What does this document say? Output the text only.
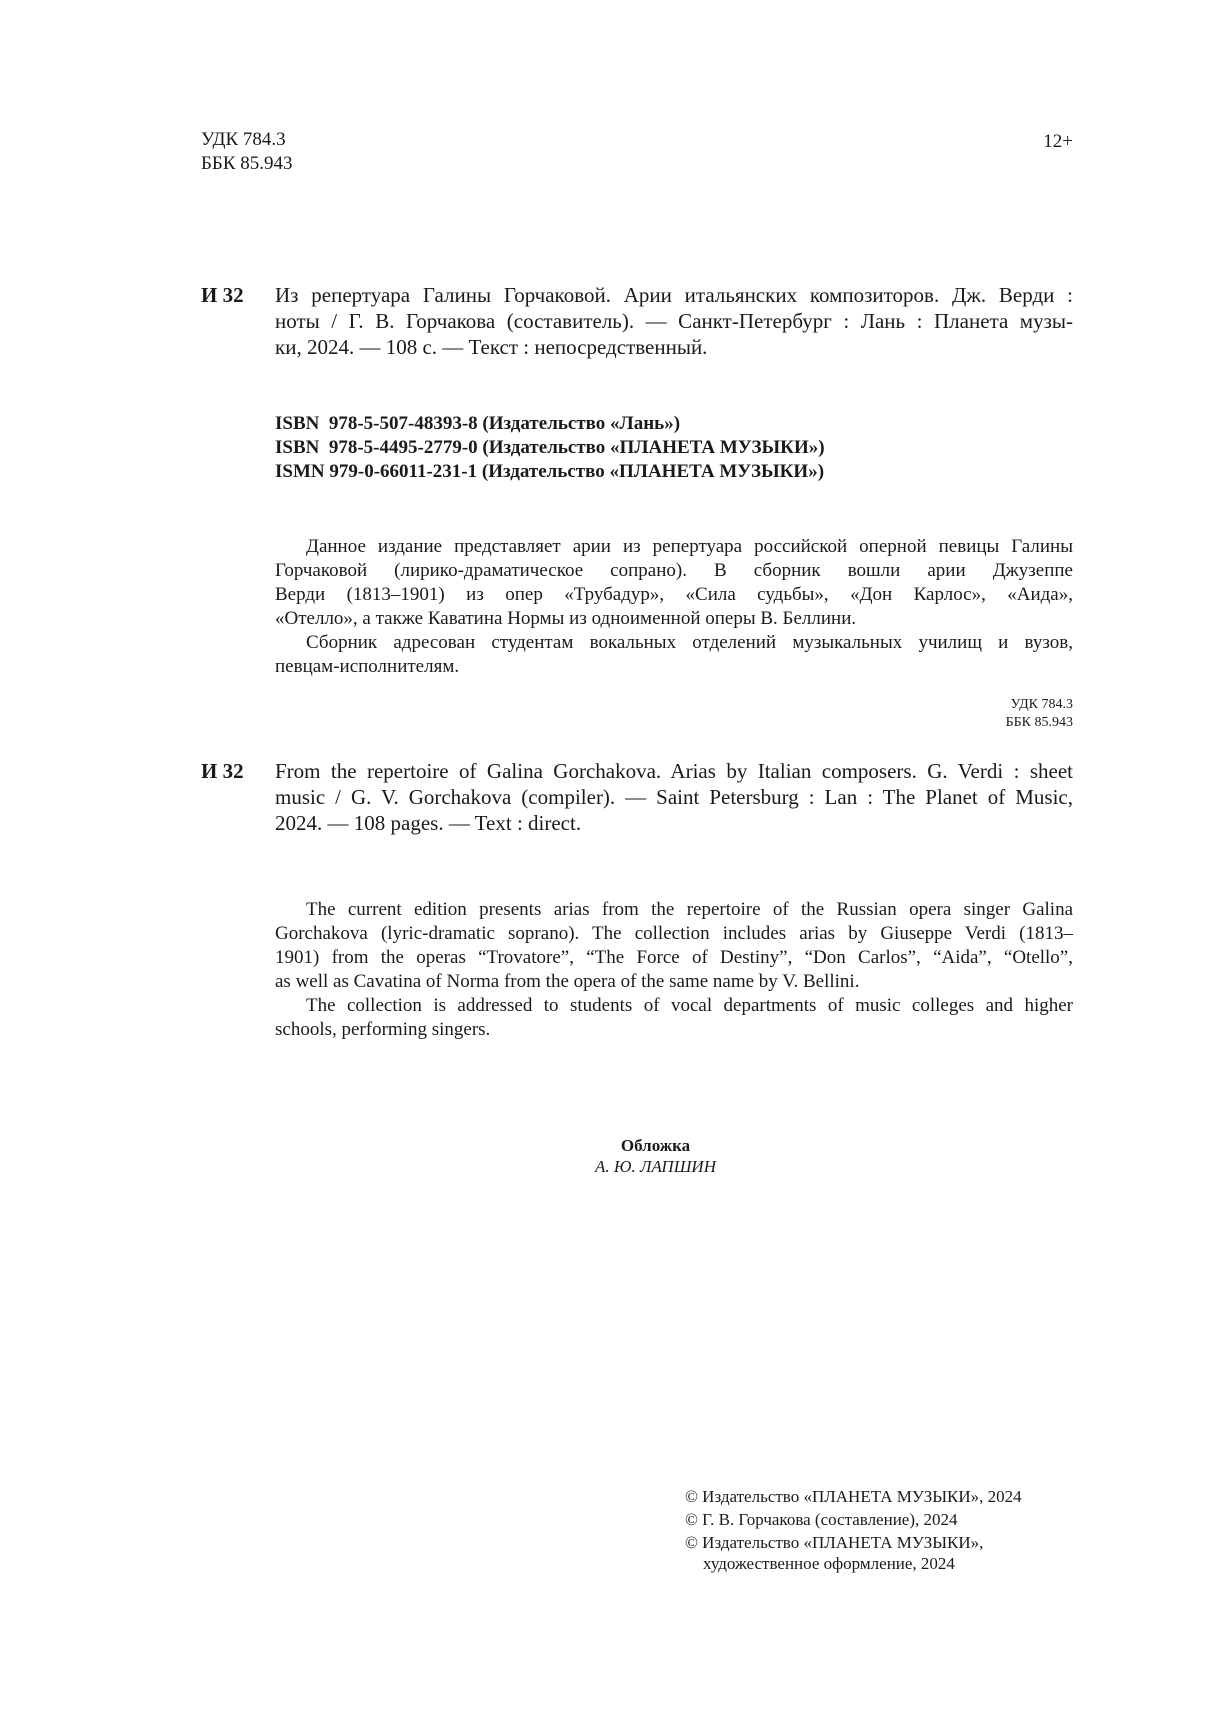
УДК 784.3
ББК 85.943
12+
И 32 Из репертуара Галины Горчаковой. Арии итальянских композиторов. Дж. Верди :
ноты / Г. В. Горчакова (составитель). — Санкт-Петербург : Лань : Планета музы-
ки, 2024. — 108 с. — Текст : непосредственный.
ISBN  978-5-507-48393-8 (Издательство «Лань»)
ISBN  978-5-4495-2779-0 (Издательство «ПЛАНЕТА МУЗЫКИ»)
ISMN 979-0-66011-231-1 (Издательство «ПЛАНЕТА МУЗЫКИ»)
Данное издание представляет арии из репертуара российской оперной певицы Галины
Горчаковой (лирико-драматическое сопрано). В сборник вошли арии Джузеппе
Верди (1813–1901) из опер «Трубадур», «Сила судьбы», «Дон Карлос», «Аида»,
«Отелло», а также Каватина Нормы из одноименной оперы В. Беллини.
Сборник адресован студентам вокальных отделений музыкальных училищ и вузов,
певцам-исполнителям.
УДК 784.3
ББК 85.943
И 32 From the repertoire of Galina Gorchakova. Arias by Italian composers. G. Verdi : sheet
music / G. V. Gorchakova (compiler). — Saint Petersburg : Lan : The Planet of Music,
2024. — 108 pages. — Text : direct.
The current edition presents arias from the repertoire of the Russian opera singer Galina
Gorchakova (lyric-dramatic soprano). The collection includes arias by Giuseppe Verdi (1813–
1901) from the operas “Trovatore”, “The Force of Destiny”, “Don Carlos”, “Aida”, “Otello”,
as well as Cavatina of Norma from the opera of the same name by V. Bellini.
The collection is addressed to students of vocal departments of music colleges and higher
schools, performing singers.
Обложка
А. Ю. ЛАПШИН
© Издательство «ПЛАНЕТА МУЗЫКИ», 2024
© Г. В. Горчакова (составление), 2024
© Издательство «ПЛАНЕТА МУЗЫКИ»,
художественное оформление, 2024
